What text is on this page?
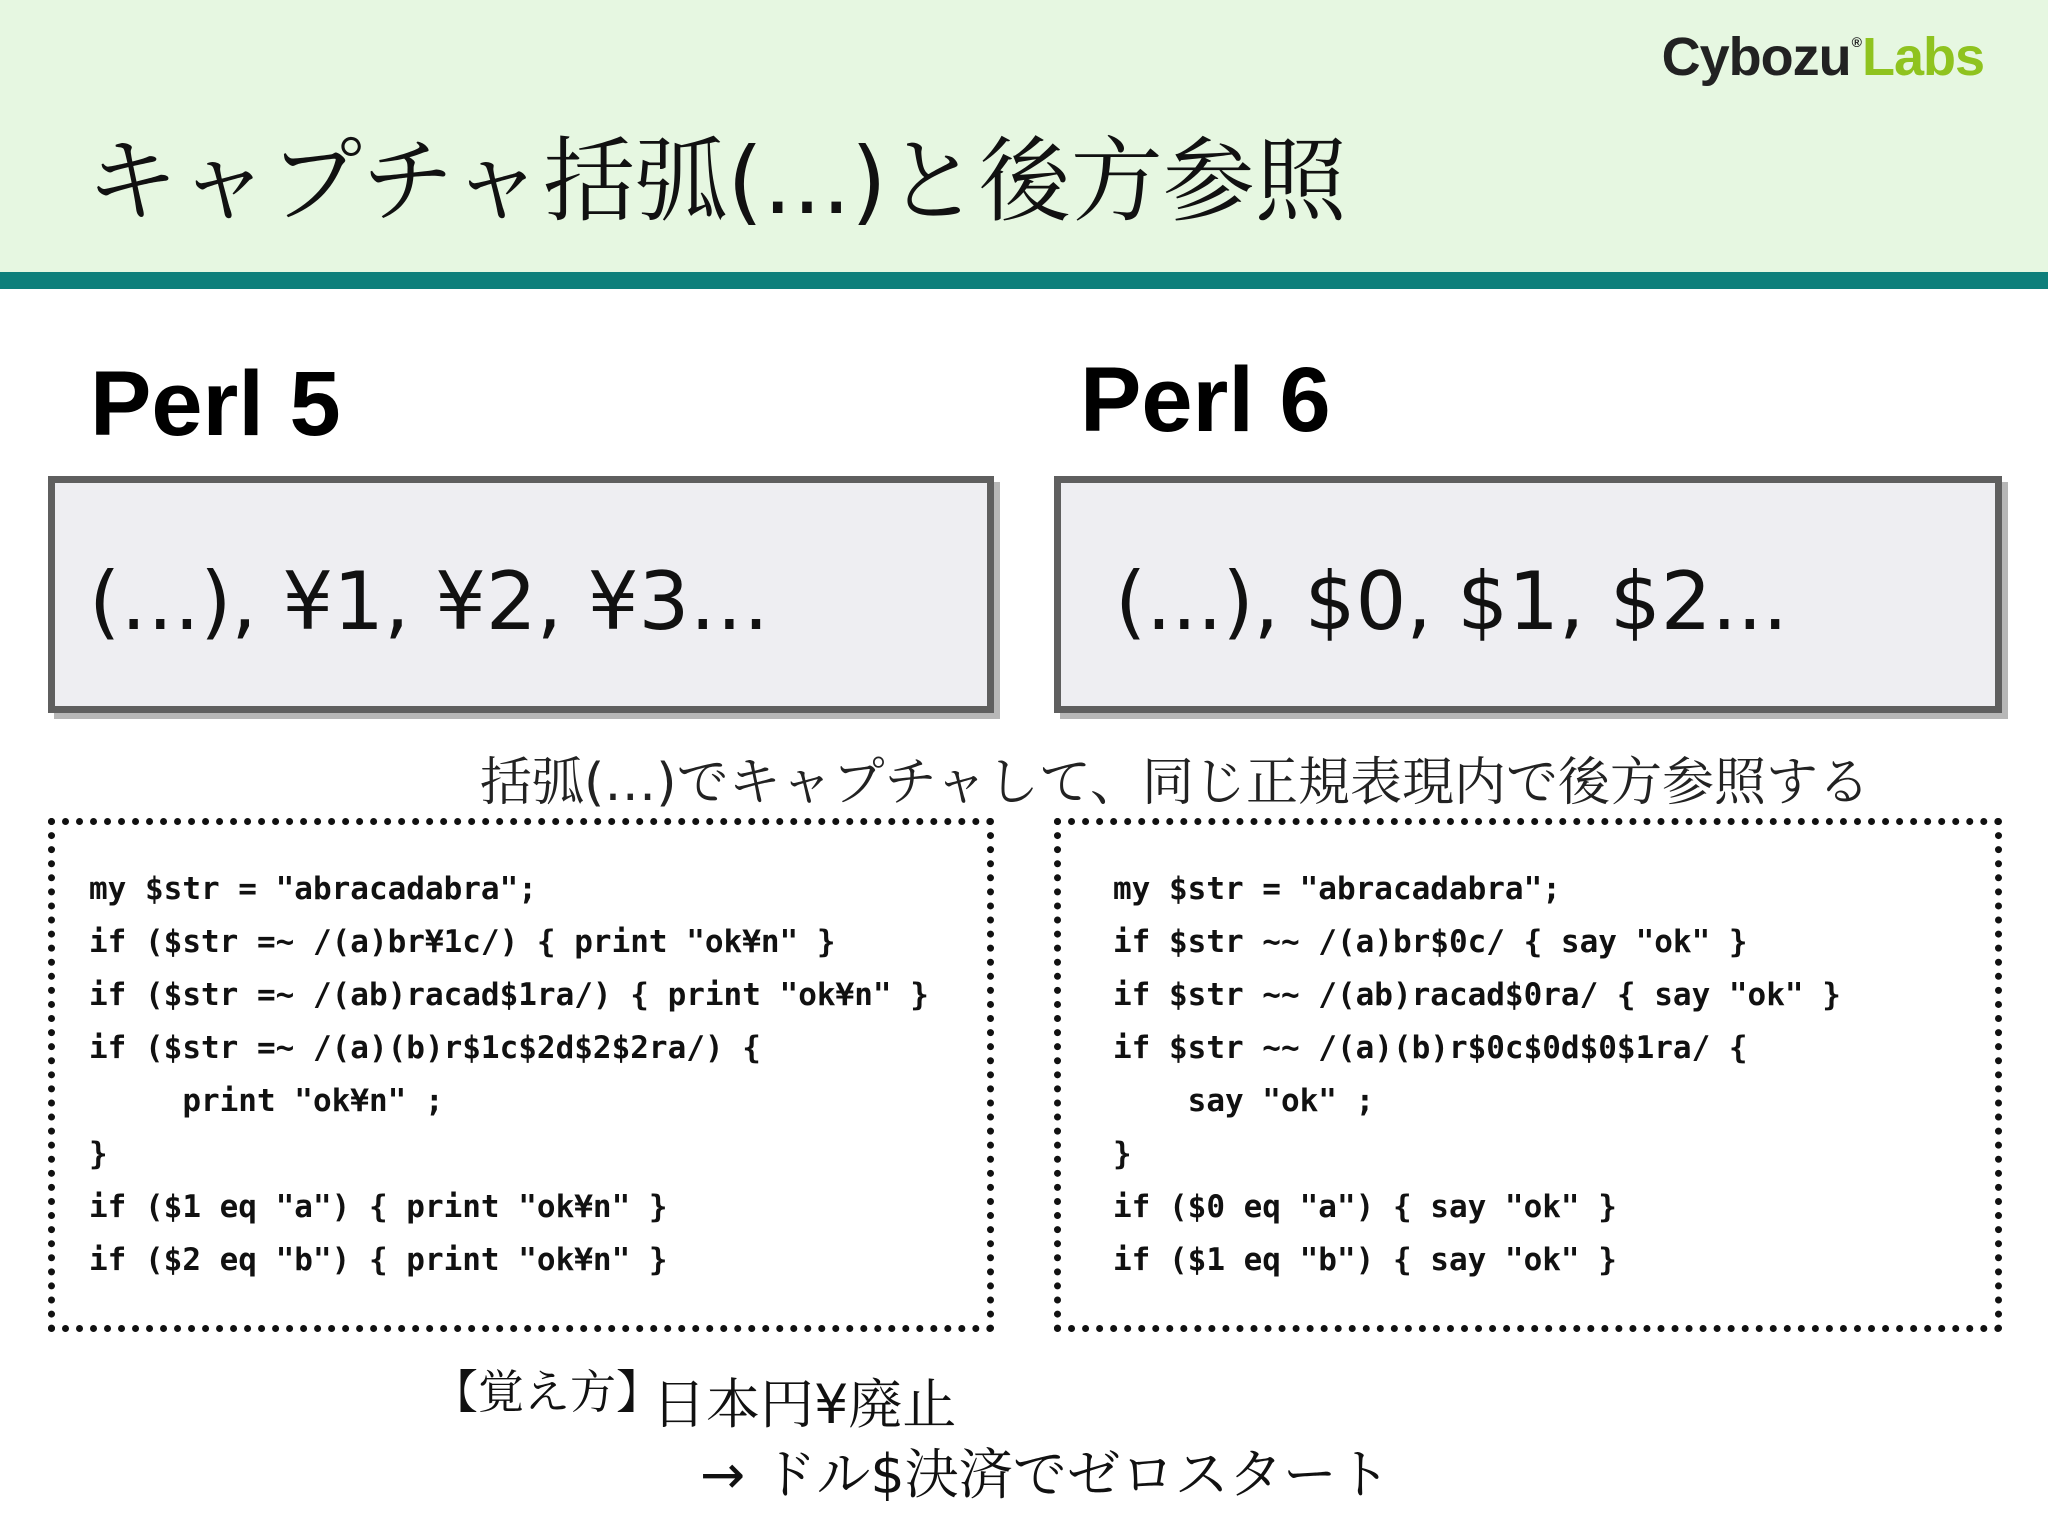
Cybozu®Labs
キャプチャ括弧(...)と後方参照
Perl 5
(…), ¥1, ¥2, ¥3…
Perl 6
(...), $0, $1, $2...
括弧(…)でキャプチャして、同じ正規表現内で後方参照する
my $str = "abracadabra";
if ($str =~ /(a)br¥1c/) { print "ok¥n" }
if ($str =~ /(ab)racad$1ra/) { print "ok¥n" }
if ($str =~ /(a)(b)r$1c$2d$2$2ra/) {
print "ok¥n" ;
}
if ($1 eq "a") { print "ok¥n" }
if ($2 eq "b") { print "ok¥n" }
my $str = "abracadabra";
if $str ~~ /(a)br$0c/ { say "ok" }
if $str ~~ /(ab)racad$0ra/ { say "ok" }
if $str ~~ /(a)(b)r$0c$0d$0$1ra/ {
say "ok" ;
}
if ($0 eq "a") { say "ok" }
if ($1 eq "b") { say "ok" }
【覚え方】
日本円¥廃止
→ ドル$決済でゼロスタート
